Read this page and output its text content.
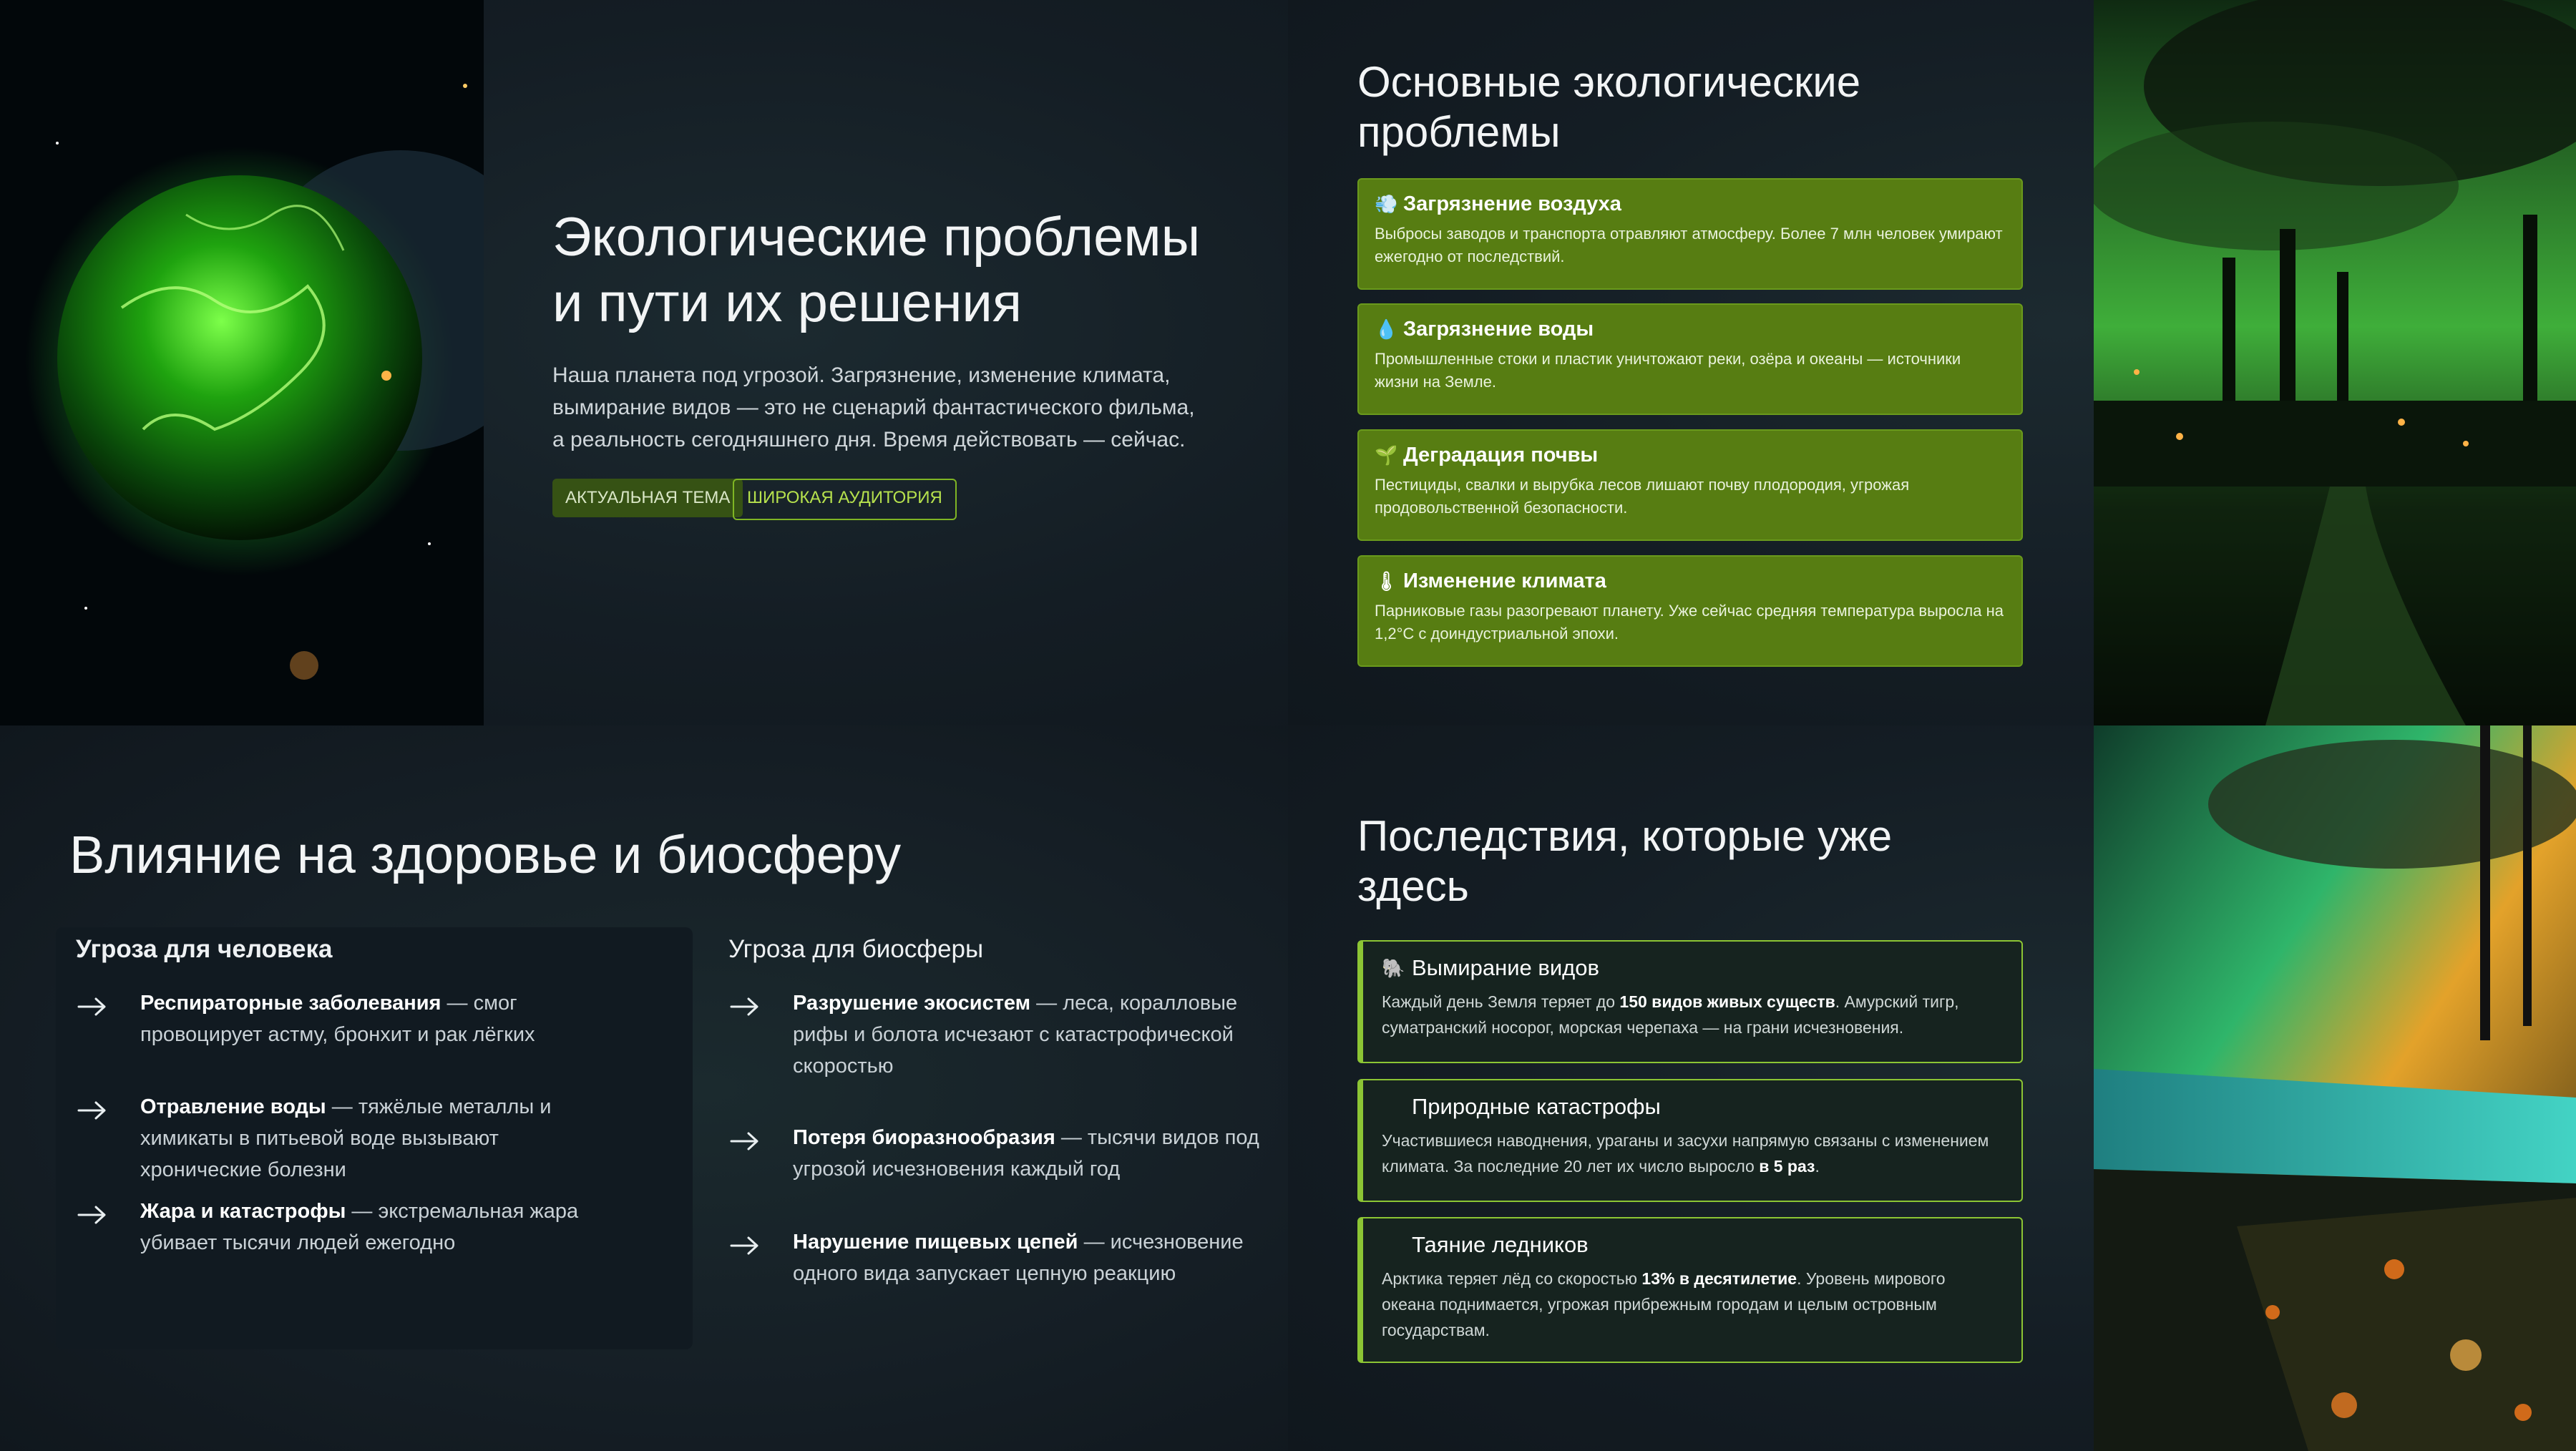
Экологические проблемы
и пути их решения
Наша планета под угрозой. Загрязнение, изменение климата, вымирание видов — это не сценарий фантастического фильма, а реальность сегодняшнего дня. Время действовать — сейчас.
АКТУАЛЬНАЯ ТЕМА ШИРОКАЯ АУДИТОРИЯ
Основные экологические
проблемы
💨 Загрязнение воздуха
Выбросы заводов и транспорта отравляют атмосферу. Более 7 млн человек умирают ежегодно от последствий.
💧 Загрязнение воды
Промышленные стоки и пластик уничтожают реки, озёра и океаны — источники жизни на Земле.
🌱 Деградация почвы
Пестициды, свалки и вырубка лесов лишают почву плодородия, угрожая продовольственной безопасности.
🌡 Изменение климата
Парниковые газы разогревают планету. Уже сейчас средняя температура выросла на 1,2°C с доиндустриальной эпохи.
Влияние на здоровье и биосферу
Угроза для человека	Угроза для биосферы
Респираторные заболевания — смог провоцирует астму, бронхит и рак лёгких
Отравление воды — тяжёлые металлы и химикаты в питьевой воде вызывают хронические болезни
Жара и катастрофы — экстремальная жара убивает тысячи людей ежегодно
Разрушение экосистем — леса, коралловые рифы и болота исчезают с катастрофической скоростью
Потеря биоразнообразия — тысячи видов под угрозой исчезновения каждый год
Нарушение пищевых цепей — исчезновение одного вида запускает цепную реакцию
Последствия, которые уже
здесь
🐘 Вымирание видов
Каждый день Земля теряет до 150 видов живых существ. Амурский тигр, суматранский носорог, морская черепаха — на грани исчезновения.
Природные катастрофы
Участившиеся наводнения, ураганы и засухи напрямую связаны с изменением климата. За последние 20 лет их число выросло в 5 раз.
Таяние ледников
Арктика теряет лёд со скоростью 13% в десятилетие. Уровень мирового океана поднимается, угрожая прибрежным городам и целым островным государствам.
